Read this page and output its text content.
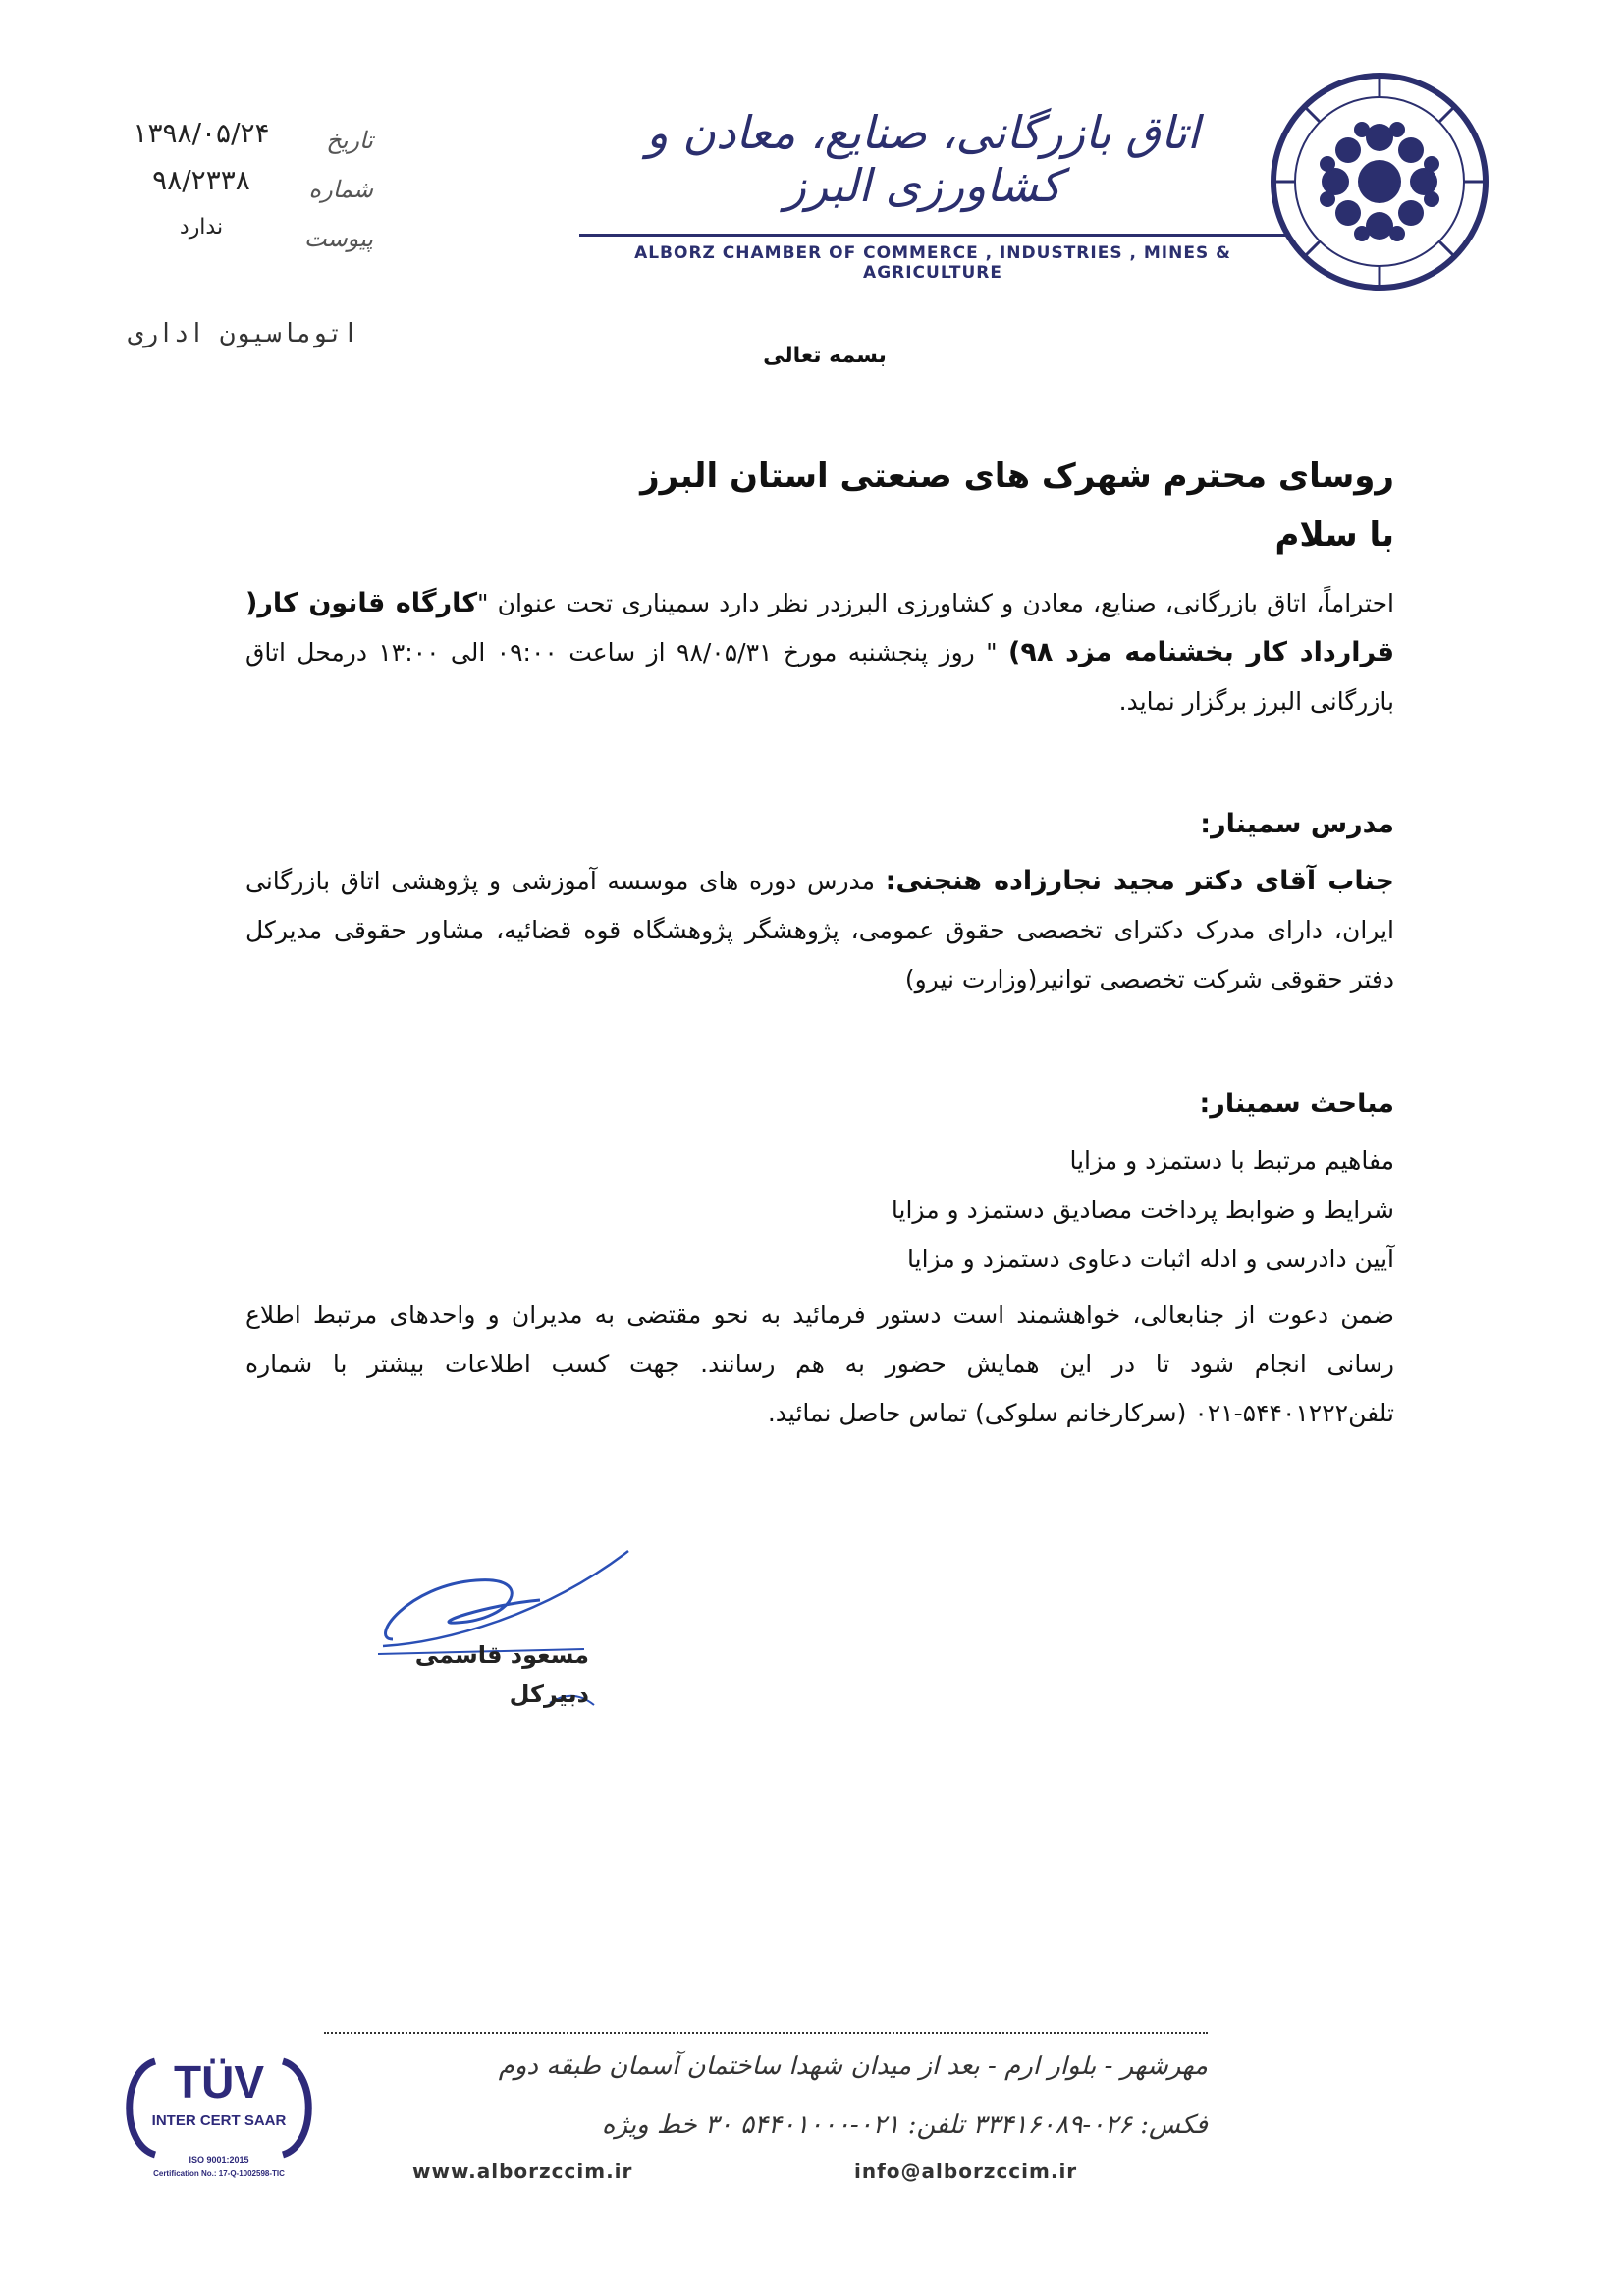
اتاق بازرگانی، صنایع، معادن و کشاورزی البرز
ALBORZ CHAMBER OF COMMERCE , INDUSTRIES , MINES & AGRICULTURE
تاریخ
شماره
پیوست
۱۳۹۸/۰۵/۲۴
۹۸/۲۳۳۸
ندارد
اتوماسیون اداری
بسمه تعالی
روسای محترم شهرک های صنعتی استان البرز
با سلام

احتراماً، اتاق بازرگانی، صنایع، معادن و کشاورزی البرزدر نظر دارد سمیناری تحت عنوان "کارگاه قانون کار( قرارداد کار بخشنامه مزد ۹۸) " روز پنجشنبه مورخ ۹۸/۰۵/۳۱ از ساعت ۰۹:۰۰ الی ۱۳:۰۰ درمحل اتاق بازرگانی البرز برگزار نماید.

مدرس سمینار:

جناب آقای دکتر مجید نجارزاده هنجنی: مدرس دوره های موسسه آموزشی و پژوهشی اتاق بازرگانی ایران، دارای مدرک دکترای تخصصی حقوق عمومی، پژوهشگر پژوهشگاه قوه قضائیه، مشاور حقوقی مدیرکل دفتر حقوقی شرکت تخصصی توانیر(وزارت نیرو)

مباحث سمینار:

مفاهیم مرتبط با دستمزد و مزایا

شرایط و ضوابط پرداخت مصادیق دستمزد و مزایا

آیین دادرسی و ادله اثبات دعاوی دستمزد و مزایا

ضمن دعوت از جنابعالی، خواهشمند است دستور فرمائید به نحو مقتضی به مدیران و واحدهای مرتبط اطلاع رسانی انجام شود تا در این همایش حضور به هم رسانند. جهت کسب اطلاعات بیشتر با شماره تلفن۵۴۴۰۱۲۲۲-۰۲۱ (سرکارخانم سلوکی) تماس حاصل نمائید.

مسعود قاسمی
دبیرکل
مهرشهر - بلوار ارم - بعد از میدان شهدا ساختمان آسمان طبقه دوم
فکس: ۰۲۶-۳۳۴۱۶۰۸۹ تلفن: ۰۲۱-۵۴۴۰۱۰۰۰ ۳۰ خط ویژه
www.alborzccim.ir	info@alborzccim.ir
TÜV
INTER CERT SAAR
ISO 9001:2015
Certification No.: 17-Q-1002598-TIC
